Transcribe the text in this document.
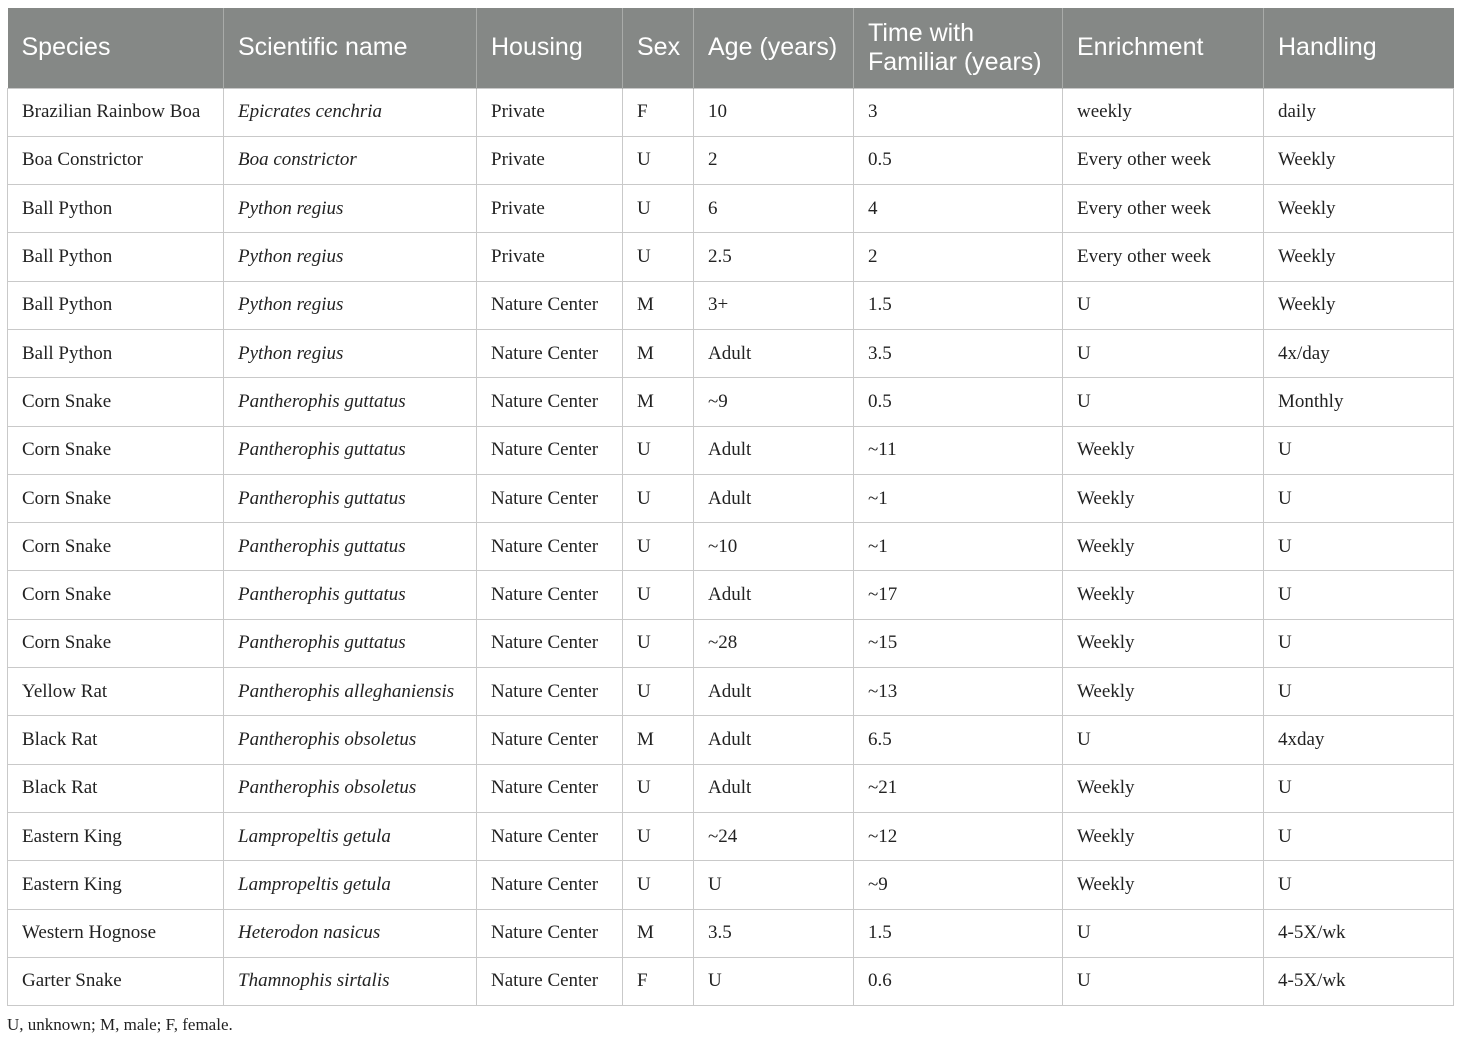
Species	Scientific name	Housing	Sex	Age (years)	Time with Familiar (years)	Enrichment	Handling
Brazilian Rainbow Boa	Epicrates cenchria	Private	F	10	3	weekly	daily
Boa Constrictor	Boa constrictor	Private	U	2	0.5	Every other week	Weekly
Ball Python	Python regius	Private	U	6	4	Every other week	Weekly
Ball Python	Python regius	Private	U	2.5	2	Every other week	Weekly
Ball Python	Python regius	Nature Center	M	3+	1.5	U	Weekly
Ball Python	Python regius	Nature Center	M	Adult	3.5	U	4x/day
Corn Snake	Pantherophis guttatus	Nature Center	M	~9	0.5	U	Monthly
Corn Snake	Pantherophis guttatus	Nature Center	U	Adult	~11	Weekly	U
Corn Snake	Pantherophis guttatus	Nature Center	U	Adult	~1	Weekly	U
Corn Snake	Pantherophis guttatus	Nature Center	U	~10	~1	Weekly	U
Corn Snake	Pantherophis guttatus	Nature Center	U	Adult	~17	Weekly	U
Corn Snake	Pantherophis guttatus	Nature Center	U	~28	~15	Weekly	U
Yellow Rat	Pantherophis alleghaniensis	Nature Center	U	Adult	~13	Weekly	U
Black Rat	Pantherophis obsoletus	Nature Center	M	Adult	6.5	U	4xday
Black Rat	Pantherophis obsoletus	Nature Center	U	Adult	~21	Weekly	U
Eastern King	Lampropeltis getula	Nature Center	U	~24	~12	Weekly	U
Eastern King	Lampropeltis getula	Nature Center	U	U	~9	Weekly	U
Western Hognose	Heterodon nasicus	Nature Center	M	3.5	1.5	U	4-5X/wk
Garter Snake	Thamnophis sirtalis	Nature Center	F	U	0.6	U	4-5X/wk
U, unknown; M, male; F, female.
